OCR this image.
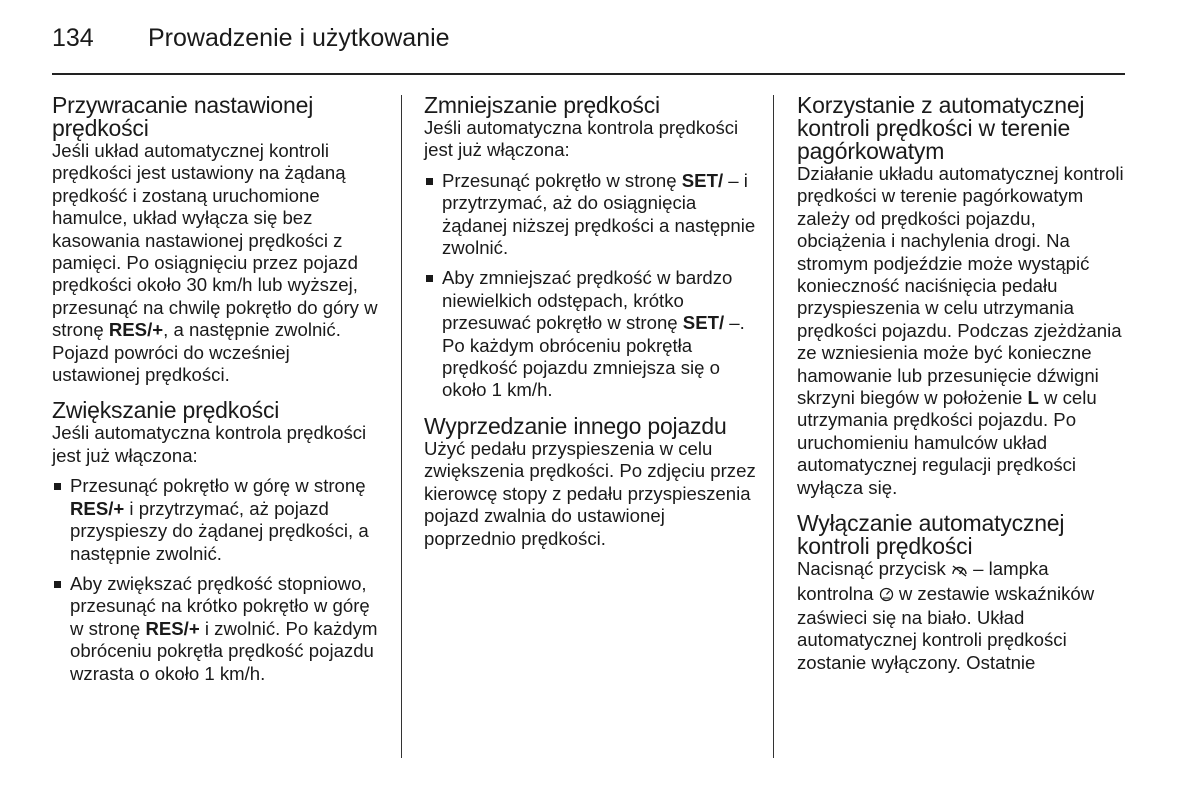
134 Prowadzenie i użytkowanie
Przywracanie nastawionej prędkości

Jeśli układ automatycznej kontroli prędkości jest ustawiony na żądaną prędkość i zostaną uruchomione hamulce, układ wyłącza się bez kasowania nastawionej prędkości z pamięci. Po osiągnięciu przez pojazd prędkości około 30 km/h lub wyższej, przesunąć na chwilę pokrętło do góry w stronę RES/+, a następnie zwolnić. Pojazd powróci do wcześniej ustawionej prędkości.

Zwiększanie prędkości

Jeśli automatyczna kontrola prędkości jest już włączona:

Przesunąć pokrętło w górę w stronę RES/+ i przytrzymać, aż pojazd przyspieszy do żądanej prędkości, a następnie zwolnić.
Aby zwiększać prędkość stopniowo, przesunąć na krótko pokrętło w górę w stronę RES/+ i zwolnić. Po każdym obróceniu pokrętła prędkość pojazdu wzrasta o około 1 km/h.
Zmniejszanie prędkości

Jeśli automatyczna kontrola prędkości jest już włączona:

Przesunąć pokrętło w stronę SET/ – i przytrzymać, aż do osiągnięcia żądanej niższej prędkości a następnie zwolnić.
Aby zmniejszać prędkość w bardzo niewielkich odstępach, krótko przesuwać pokrętło w stronę SET/ –. Po każdym obróceniu pokrętła prędkość pojazdu zmniejsza się o około 1 km/h.
Wyprzedzanie innego pojazdu

Użyć pedału przyspieszenia w celu zwiększenia prędkości. Po zdjęciu przez kierowcę stopy z pedału przyspieszenia pojazd zwalnia do ustawionej poprzednio prędkości.

Korzystanie z automatycznej kontroli prędkości w terenie pagórkowatym

Działanie układu automatycznej kontroli prędkości w terenie pagórkowatym zależy od prędkości pojazdu, obciążenia i nachylenia drogi. Na stromym podjeździe może wystąpić konieczność naciśnięcia pedału przyspieszenia w celu utrzymania prędkości pojazdu. Podczas zjeżdżania ze wzniesienia może być konieczne hamowanie lub przesunięcie dźwigni skrzyni biegów w położenie L w celu utrzymania prędkości pojazdu. Po uruchomieniu hamulców układ automatycznej regulacji prędkości wyłącza się.

Wyłączanie automatycznej kontroli prędkości

Nacisnąć przycisk  – lampka kontrolna  w zestawie wskaźników zaświeci się na biało. Układ automatycznej kontroli prędkości zostanie wyłączony. Ostatnie
